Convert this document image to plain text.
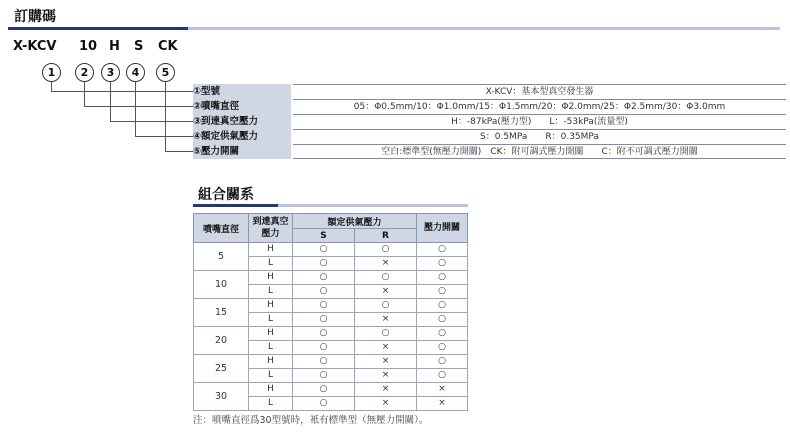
訂購碼
X-KCV 10 H S CK
1	2	3	4	5
①型號	X-KCV：基本型真空發生器
②噴嘴直徑	05：Φ0.5mm/10：Φ1.0mm/15：Φ1.5mm/20：Φ2.0mm/25：Φ2.5mm/30：Φ3.0mm
③到達真空壓力	H：-87kPa(壓力型)　　L：-53kPa(流量型)
④額定供氣壓力	S：0.5MPa　　R：0.35MPa
⑤壓力開關	空白:標準型(無壓力開關)　CK：附可調式壓力開關　　C：附不可調式壓力開關
組合關系
噴嘴直徑	到達真空壓力	額定供氣壓力		壓力開關
		S	R	
5	H	○	○	○
	L	○	×	○
10	H	○	○	○
	L	○	×	○
15	H	○	○	○
	L	○	×	○
20	H	○	○	○
	L	○	×	○
25	H	○	×	○
	L	○	×	○
30	H	○	×	×
	L	○	×	×
注：噴嘴直徑爲30型號時，衹有標準型（無壓力開關）。
